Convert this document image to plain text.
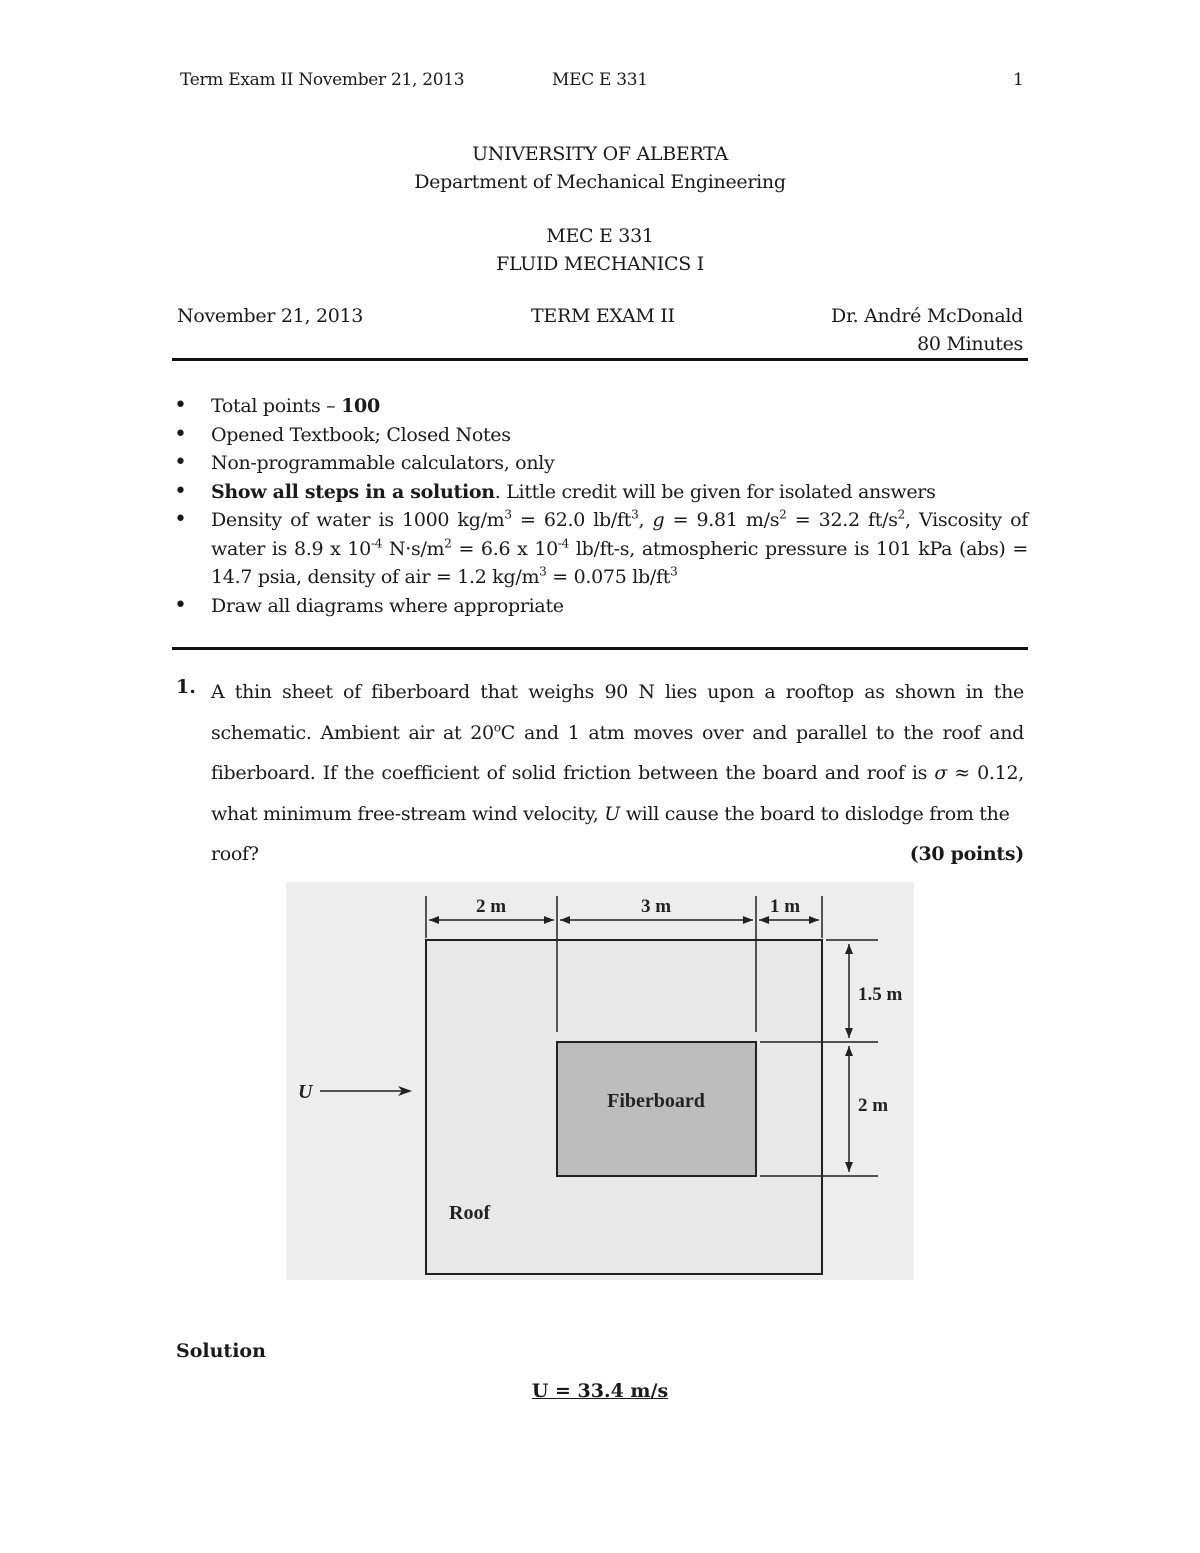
Term Exam II November 21, 2013	MEC E 331	1
UNIVERSITY OF ALBERTA
Department of Mechanical Engineering
MEC E 331
FLUID MECHANICS I
November 21, 2013	TERM EXAM II	Dr. André McDonald
80 Minutes
• Total points – 100
• Opened Textbook; Closed Notes
• Non-programmable calculators, only
• Show all steps in a solution. Little credit will be given for isolated answers
• Density of water is 1000 $kg/m^3 = 62.0$ $lb/ft^3$, g = 9.81 $m/s^2 = 32.2$ $ft/s^2$, Viscosity of water is 8.9 x $10^{-4}$ $N\cdot s/m^2 = 6.6$ x $10^{-4}$ lb/ft-s, atmospheric pressure is 101 kPa (abs) = 14.7 psia, density of air = 1.2 $kg/m^3 = 0.075$ $lb/ft^3$
• Draw all diagrams where appropriate
1. A thin sheet of fiberboard that weighs 90 N lies upon a rooftop as shown in the schematic. Ambient air at 20$^o$C and 1 atm moves over and parallel to the roof and fiberboard. If the coefficient of solid friction between the board and roof is σ ≈ 0.12, what minimum free-stream wind velocity, U will cause the board to dislodge from the
roof?	(30 points)
2 m	3 m	1 m
1.5 m
2 m
U	Fiberboard
Roof
Solution
U = 33.4 m/s
